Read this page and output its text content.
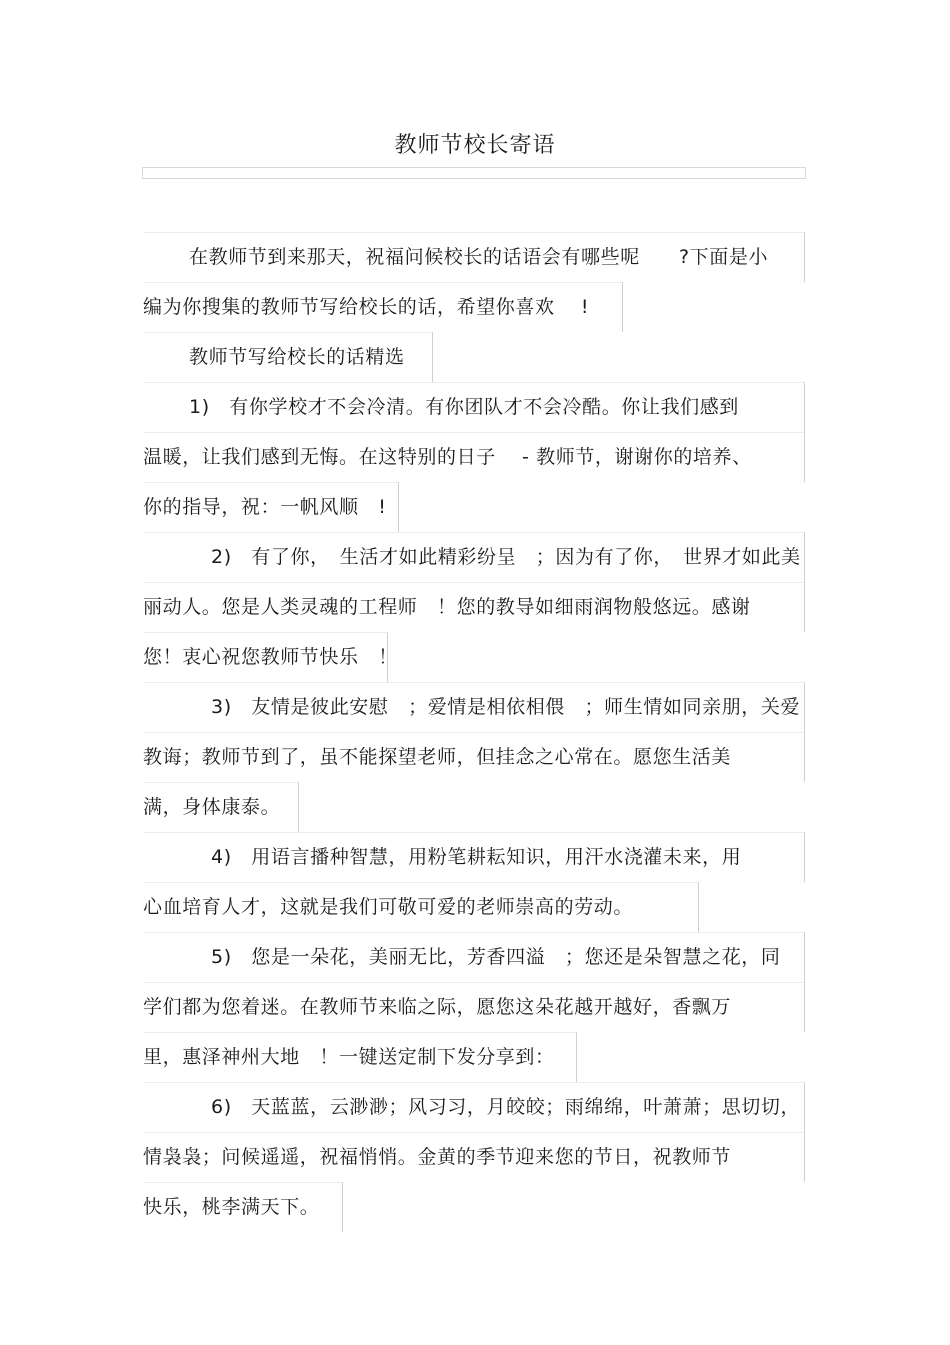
教师节校长寄语
在教师节到来那天，祝福问候校长的话语会有哪些呢　　?下面是小
编为你搜集的教师节写给校长的话，希望你喜欢　 !
教师节写给校长的话精选
1)　有你学校才不会冷清。有你团队才不会冷酷。你让我们感到
温暖，让我们感到无悔。在这特别的日子　 - 教师节，谢谢你的培养、
你的指导，祝：一帆风顺　!
2)　有了你，　生活才如此精彩纷呈　；因为有了你，　世界才如此美
丽动人。您是人类灵魂的工程师　！您的教导如细雨润物般悠远。感谢
您！衷心祝您教师节快乐　！
3)　友情是彼此安慰　；爱情是相依相偎　；师生情如同亲朋，关爱
教诲；教师节到了，虽不能探望老师，但挂念之心常在。愿您生活美
满，身体康泰。
4)　用语言播种智慧，用粉笔耕耘知识，用汗水浇灌未来，用
心血培育人才，这就是我们可敬可爱的老师崇高的劳动。
5)　您是一朵花，美丽无比，芳香四溢　；您还是朵智慧之花，同
学们都为您着迷。在教师节来临之际，愿您这朵花越开越好，香飘万
里，惠泽神州大地　！一键送定制下发分享到：
6)　天蓝蓝，云渺渺；风习习，月皎皎；雨绵绵，叶萧萧；思切切，
情袅袅；问候遥遥，祝福悄悄。金黄的季节迎来您的节日，祝教师节
快乐，桃李满天下。
